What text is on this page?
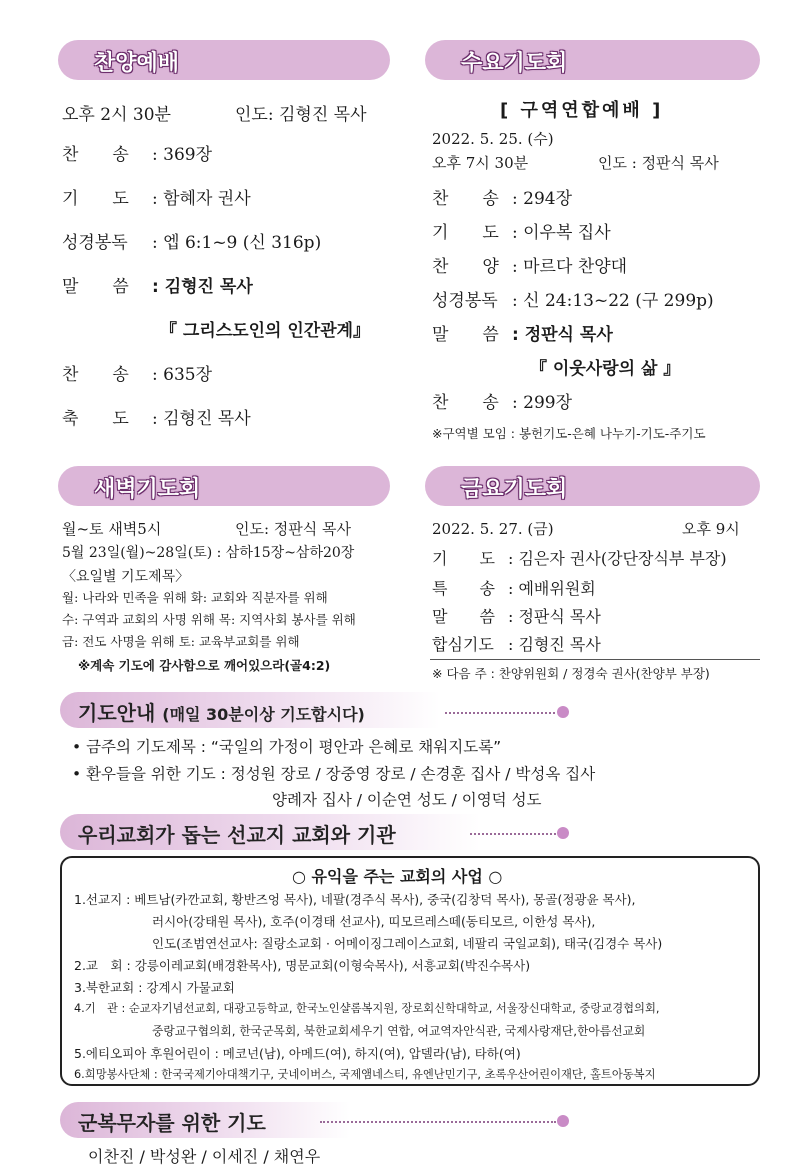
찬양예배
오후 2시 30분	인도: 김형진 목사
찬　　송 : 369장
기　　도 : 함혜자 권사
성경봉독 : 엡 6:1~9 (신 316p)
말　　씀 : 김형진 목사
『 그리스도인의 인간관계』
찬　　송 : 635장
축　　도 : 김형진 목사
수요기도회
[ 구역연합예배 ]
2022. 5. 25. (수)
오후 7시 30분	인도 : 정판식 목사
찬　　송 : 294장
기　　도 : 이우복 집사
찬　　양 : 마르다 찬양대
성경봉독 : 신 24:13~22 (구 299p)
말　　씀 : 정판식 목사
『 이웃사랑의 삶 』
찬　　송 : 299장
※구역별 모임 : 봉헌기도-은혜 나누기-기도-주기도
새벽기도회
월~토 새벽5시	인도: 정판식 목사
5월 23일(월)~28일(토) : 삼하15장~삼하20장
〈요일별 기도제목〉
월: 나라와 민족을 위해 화: 교회와 직분자를 위해
수: 구역과 교회의 사명 위해 목: 지역사회 봉사를 위해
금: 전도 사명을 위해 토: 교육부교회를 위해
※계속 기도에 감사함으로 깨어있으라(골4:2)
금요기도회
2022. 5. 27. (금)	오후 9시
기　　도 : 김은자 권사(강단장식부 부장)
특　　송 : 예배위원회
말　　씀 : 정판식 목사
합심기도 : 김형진 목사
※ 다음 주 : 찬양위원회 / 정경숙 권사(찬양부 부장)
기도안내 (매일 30분이상 기도합시다)
• 금주의 기도제목 : “국일의 가정이 평안과 은혜로 채워지도록”
• 환우들을 위한 기도 : 정성원 장로 / 장중영 장로 / 손경훈 집사 / 박성옥 집사
양례자 집사 / 이순연 성도 / 이영덕 성도
우리교회가 돕는 선교지 교회와 기관
○ 유익을 주는 교회의 사업 ○
1.선교지 : 베트남(카깐교회, 황반즈엉 목사), 네팔(경주식 목사), 중국(김창덕 목사), 몽골(정광윤 목사),
러시아(강태원 목사), 호주(이경태 선교사), 띠모르레스떼(동티모르, 이한성 목사),
인도(조범연선교사: 질랑소교회 · 어메이징그레이스교회, 네팔리 국일교회), 태국(김경수 목사)
2.교　회 : 강릉이레교회(배경환목사), 명문교회(이형숙목사), 서흥교회(박진수목사)
3.북한교회 : 강계시 가물교회
4.기　관 : 순교자기념선교회, 대광고등학교, 한국노인샬롬복지원, 장로회신학대학교, 서울장신대학교, 중랑교경협의회,
중랑교구협의회, 한국군목회, 북한교회세우기 연합, 여교역자안식관, 국제사랑재단,한아름선교회
5.에티오피아 후원어린이 : 메코넌(남), 아메드(여), 하지(여), 압델라(남), 타하(여)
6.희망봉사단체 : 한국국제기아대책기구, 굿네이버스, 국제앰네스티, 유엔난민기구, 초록우산어린이재단, 홀트아동복지
군복무자를 위한 기도
이찬진 / 박성완 / 이세진 / 채연우
